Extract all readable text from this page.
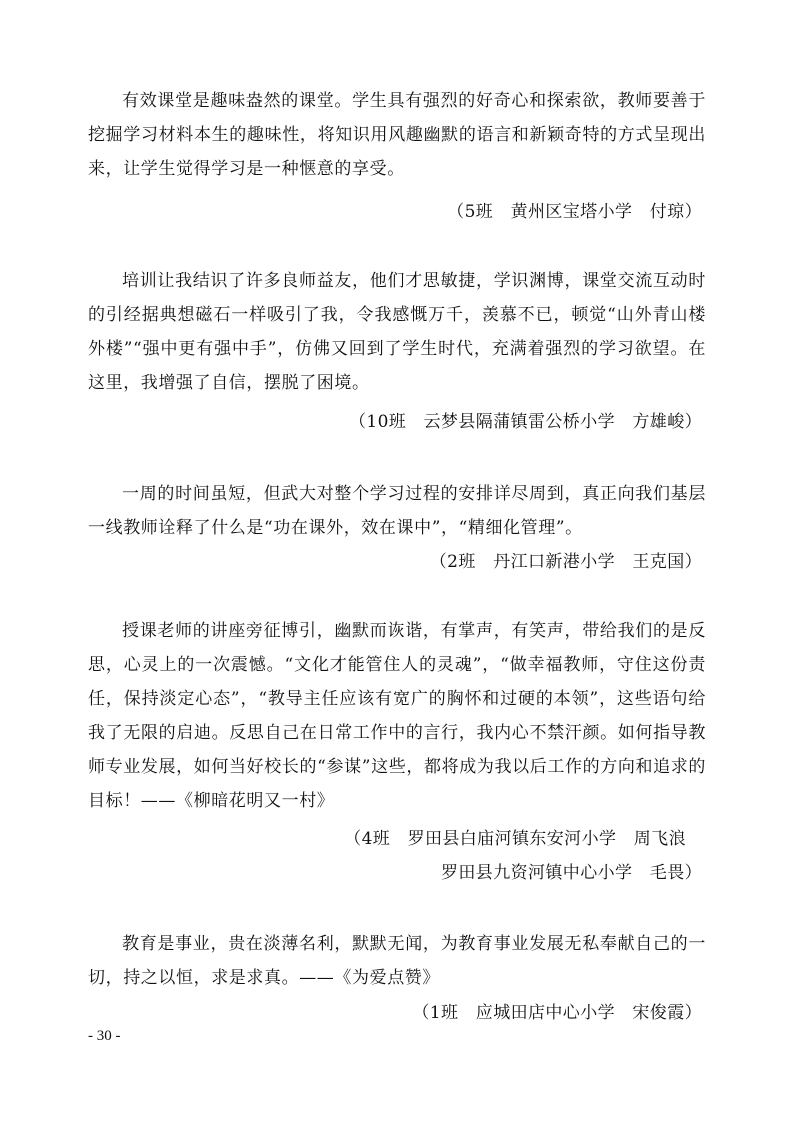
有效课堂是趣味盎然的课堂。学生具有强烈的好奇心和探索欲，教师要善于挖掘学习材料本生的趣味性，将知识用风趣幽默的语言和新颖奇特的方式呈现出来，让学生觉得学习是一种惬意的享受。

（5班　黄州区宝塔小学　付琼）

培训让我结识了许多良师益友，他们才思敏捷，学识渊博，课堂交流互动时的引经据典想磁石一样吸引了我，令我感慨万千，羡慕不已，顿觉“山外青山楼外楼”“强中更有强中手”，仿佛又回到了学生时代，充满着强烈的学习欲望。在这里，我增强了自信，摆脱了困境。

（10班　云梦县隔蒲镇雷公桥小学　方雄峻）

一周的时间虽短，但武大对整个学习过程的安排详尽周到，真正向我们基层一线教师诠释了什么是“功在课外，效在课中”，“精细化管理”。

（2班　丹江口新港小学　王克国）

授课老师的讲座旁征博引，幽默而诙谐，有掌声，有笑声，带给我们的是反思，心灵上的一次震憾。“文化才能管住人的灵魂”，“做幸福教师，守住这份责任，保持淡定心态”，“教导主任应该有宽广的胸怀和过硬的本领”，这些语句给我了无限的启迪。反思自己在日常工作中的言行，我内心不禁汗颜。如何指导教师专业发展，如何当好校长的“参谋”这些，都将成为我以后工作的方向和追求的目标！——《柳暗花明又一村》

（4班　罗田县白庙河镇东安河小学　周飞浪
罗田县九资河镇中心小学　毛畏）

教育是事业，贵在淡薄名利，默默无闻，为教育事业发展无私奉献自己的一切，持之以恒，求是求真。——《为爱点赞》

（1班　应城田店中心小学　宋俊霞）

- 30 -
